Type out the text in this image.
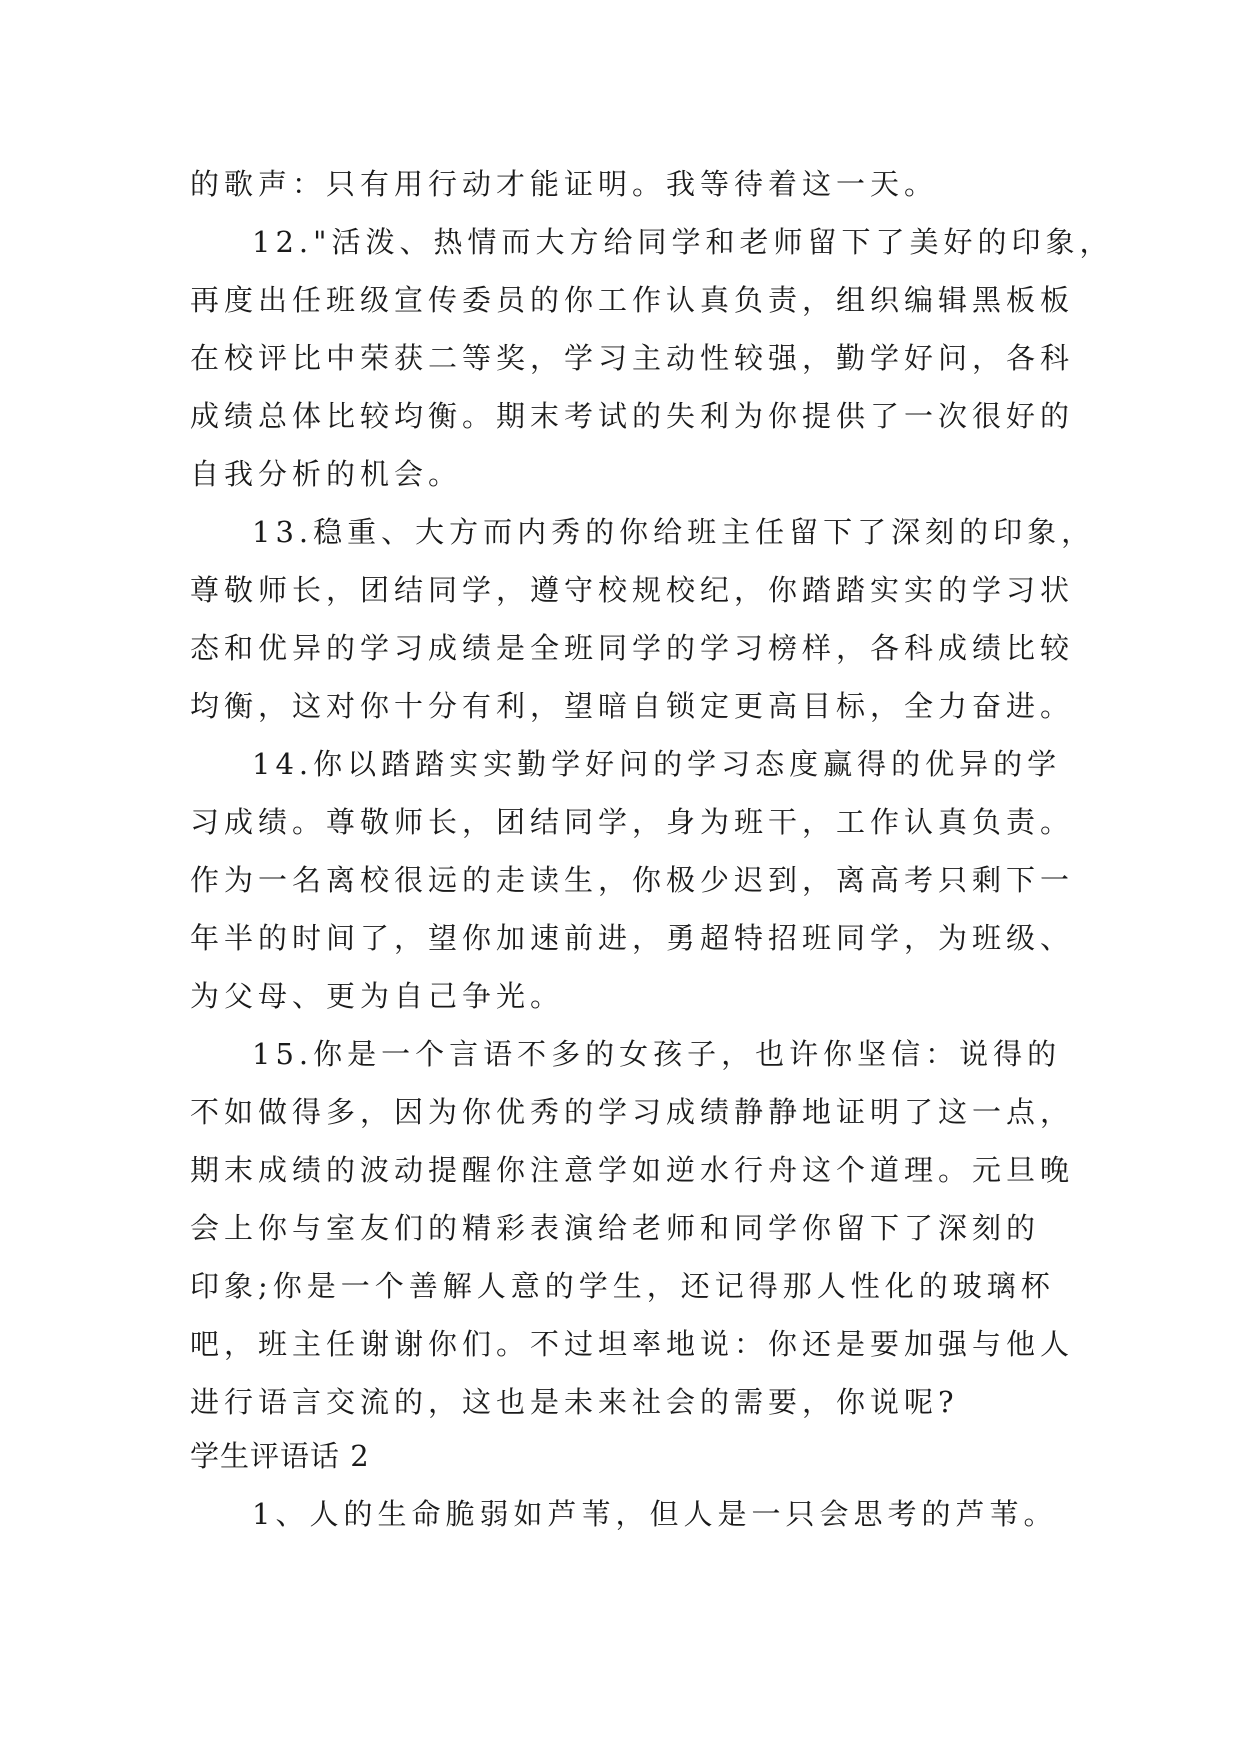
的歌声：只有用行动才能证明。我等待着这一天。
12."活泼、热情而大方给同学和老师留下了美好的印象，
再度出任班级宣传委员的你工作认真负责，组织编辑黑板板
在校评比中荣获二等奖，学习主动性较强，勤学好问，各科
成绩总体比较均衡。期末考试的失利为你提供了一次很好的
自我分析的机会。
13.稳重、大方而内秀的你给班主任留下了深刻的印象，
尊敬师长，团结同学，遵守校规校纪，你踏踏实实的学习状
态和优异的学习成绩是全班同学的学习榜样，各科成绩比较
均衡，这对你十分有利，望暗自锁定更高目标，全力奋进。
14.你以踏踏实实勤学好问的学习态度赢得的优异的学
习成绩。尊敬师长，团结同学，身为班干，工作认真负责。
作为一名离校很远的走读生，你极少迟到，离高考只剩下一
年半的时间了，望你加速前进，勇超特招班同学，为班级、
为父母、更为自己争光。
15.你是一个言语不多的女孩子，也许你坚信：说得的
不如做得多，因为你优秀的学习成绩静静地证明了这一点，
期末成绩的波动提醒你注意学如逆水行舟这个道理。元旦晚
会上你与室友们的精彩表演给老师和同学你留下了深刻的
印象;你是一个善解人意的学生，还记得那人性化的玻璃杯
吧，班主任谢谢你们。不过坦率地说：你还是要加强与他人
进行语言交流的，这也是未来社会的需要，你说呢?
学生评语话 2
1、人的生命脆弱如芦苇，但人是一只会思考的芦苇。
